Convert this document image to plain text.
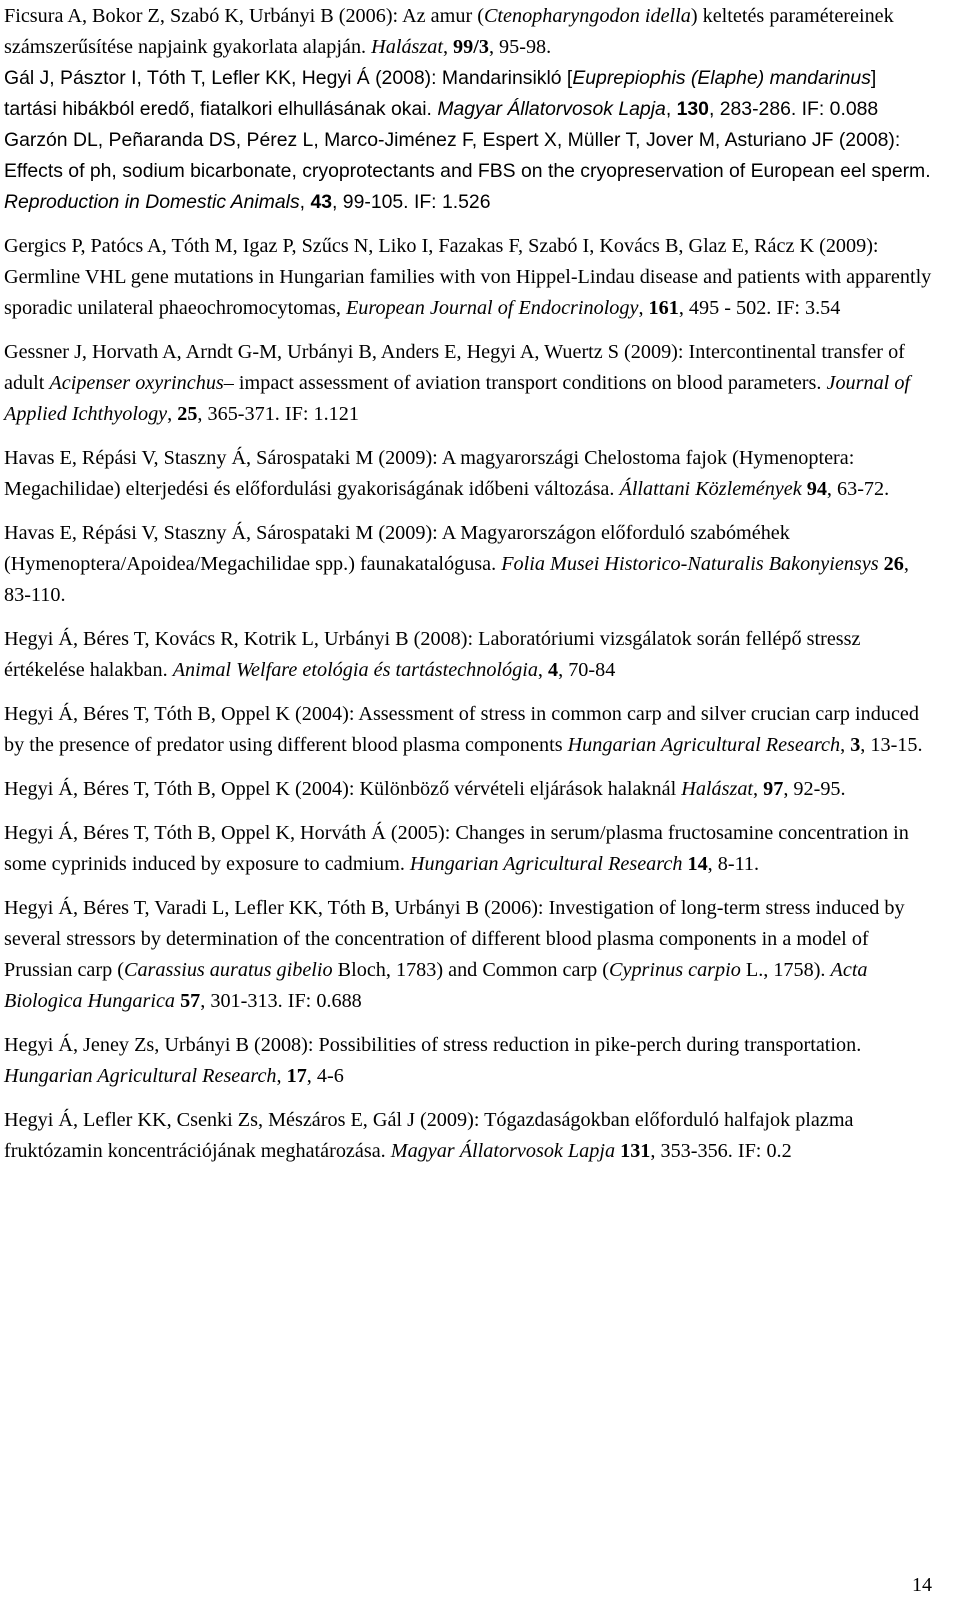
Ficsura A, Bokor Z, Szabó K, Urbányi B (2006): Az amur (Ctenopharyngodon idella) keltetés paramétereinek számszerűsítése napjaink gyakorlata alapján. Halászat, 99/3, 95-98.

Gál J, Pásztor I, Tóth T, Lefler KK, Hegyi Á (2008): Mandarinsikló [Euprepiophis (Elaphe) mandarinus] tartási hibákból eredő, fiatalkori elhullásának okai. Magyar Állatorvosok Lapja, 130, 283-286. IF: 0.088

Garzón DL, Peñaranda DS, Pérez L, Marco-Jiménez F, Espert X, Müller T, Jover M, Asturiano JF (2008): Effects of ph, sodium bicarbonate, cryoprotectants and FBS on the cryopreservation of European eel sperm. Reproduction in Domestic Animals, 43, 99-105. IF: 1.526

Gergics P, Patócs A, Tóth M, Igaz P, Szűcs N, Liko I, Fazakas F, Szabó I, Kovács B, Glaz E, Rácz K (2009): Germline VHL gene mutations in Hungarian families with von Hippel-Lindau disease and patients with apparently sporadic unilateral phaeochromocytomas, European Journal of Endocrinology, 161, 495 - 502. IF: 3.54

Gessner J, Horvath A, Arndt G-M, Urbányi B, Anders E, Hegyi A, Wuertz S (2009): Intercontinental transfer of adult Acipenser oxyrinchus– impact assessment of aviation transport conditions on blood parameters. Journal of Applied Ichthyology, 25, 365-371. IF: 1.121

Havas E, Répási V, Staszny Á, Sárospataki M (2009): A magyarországi Chelostoma fajok (Hymenoptera: Megachilidae) elterjedési és előfordulási gyakoriságának időbeni változása. Állattani Közlemények 94, 63-72.

Havas E, Répási V, Staszny Á, Sárospataki M (2009): A Magyarországon előforduló szabóméhek (Hymenoptera/Apoidea/Megachilidae spp.) faunakatalógusa. Folia Musei Historico-Naturalis Bakonyiensys 26, 83-110.

Hegyi Á, Béres T, Kovács R, Kotrik L, Urbányi B (2008): Laboratóriumi vizsgálatok során fellépő stressz értékelése halakban. Animal Welfare etológia és tartástechnológia, 4, 70-84

Hegyi Á, Béres T, Tóth B, Oppel K (2004): Assessment of stress in common carp and silver crucian carp induced by the presence of predator using different blood plasma components Hungarian Agricultural Research, 3, 13-15.

Hegyi Á, Béres T, Tóth B, Oppel K (2004): Különböző vérvételi eljárások halaknál Halászat, 97, 92-95.

Hegyi Á, Béres T, Tóth B, Oppel K, Horváth Á (2005): Changes in serum/plasma fructosamine concentration in some cyprinids induced by exposure to cadmium. Hungarian Agricultural Research 14, 8-11.

Hegyi Á, Béres T, Varadi L, Lefler KK, Tóth B, Urbányi B (2006): Investigation of long-term stress induced by several stressors by determination of the concentration of different blood plasma components in a model of Prussian carp (Carassius auratus gibelio Bloch, 1783) and Common carp (Cyprinus carpio L., 1758). Acta Biologica Hungarica 57, 301-313. IF: 0.688

Hegyi Á, Jeney Zs, Urbányi B (2008): Possibilities of stress reduction in pike-perch during transportation. Hungarian Agricultural Research, 17, 4-6

Hegyi Á, Lefler KK, Csenki Zs, Mészáros E, Gál J (2009): Tógazdaságokban előforduló halfajok plazma fruktózamin koncentrációjának meghatározása. Magyar Állatorvosok Lapja 131, 353-356. IF: 0.2

14
